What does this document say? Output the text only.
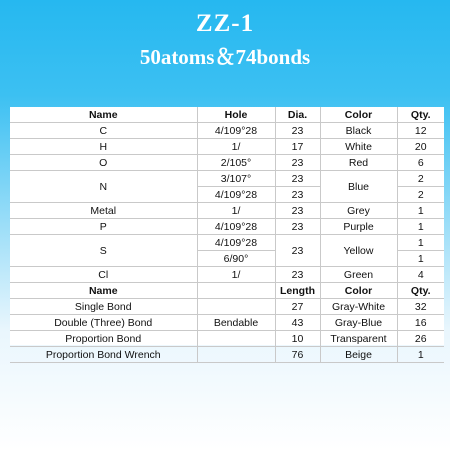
ZZ-1
50atoms＆74bonds
Name	Hole	Dia.	Color	Qty.
C	4/109°28	23	Black	12
H	1/	17	White	20
O	2/105°	23	Red	6
N	3/107°	23	Blue	2
	4/109°28	23		2
Metal	1/	23	Grey	1
P	4/109°28	23	Purple	1
S	4/109°28	23	Yellow	1
	6/90°			1
Cl	1/	23	Green	4
Name		Length	Color	Qty.
Single Bond		27	Gray-White	32
Double (Three) Bond	Bendable	43	Gray-Blue	16
Proportion Bond		10	Transparent	26
Proportion Bond Wrench		76	Beige	1
